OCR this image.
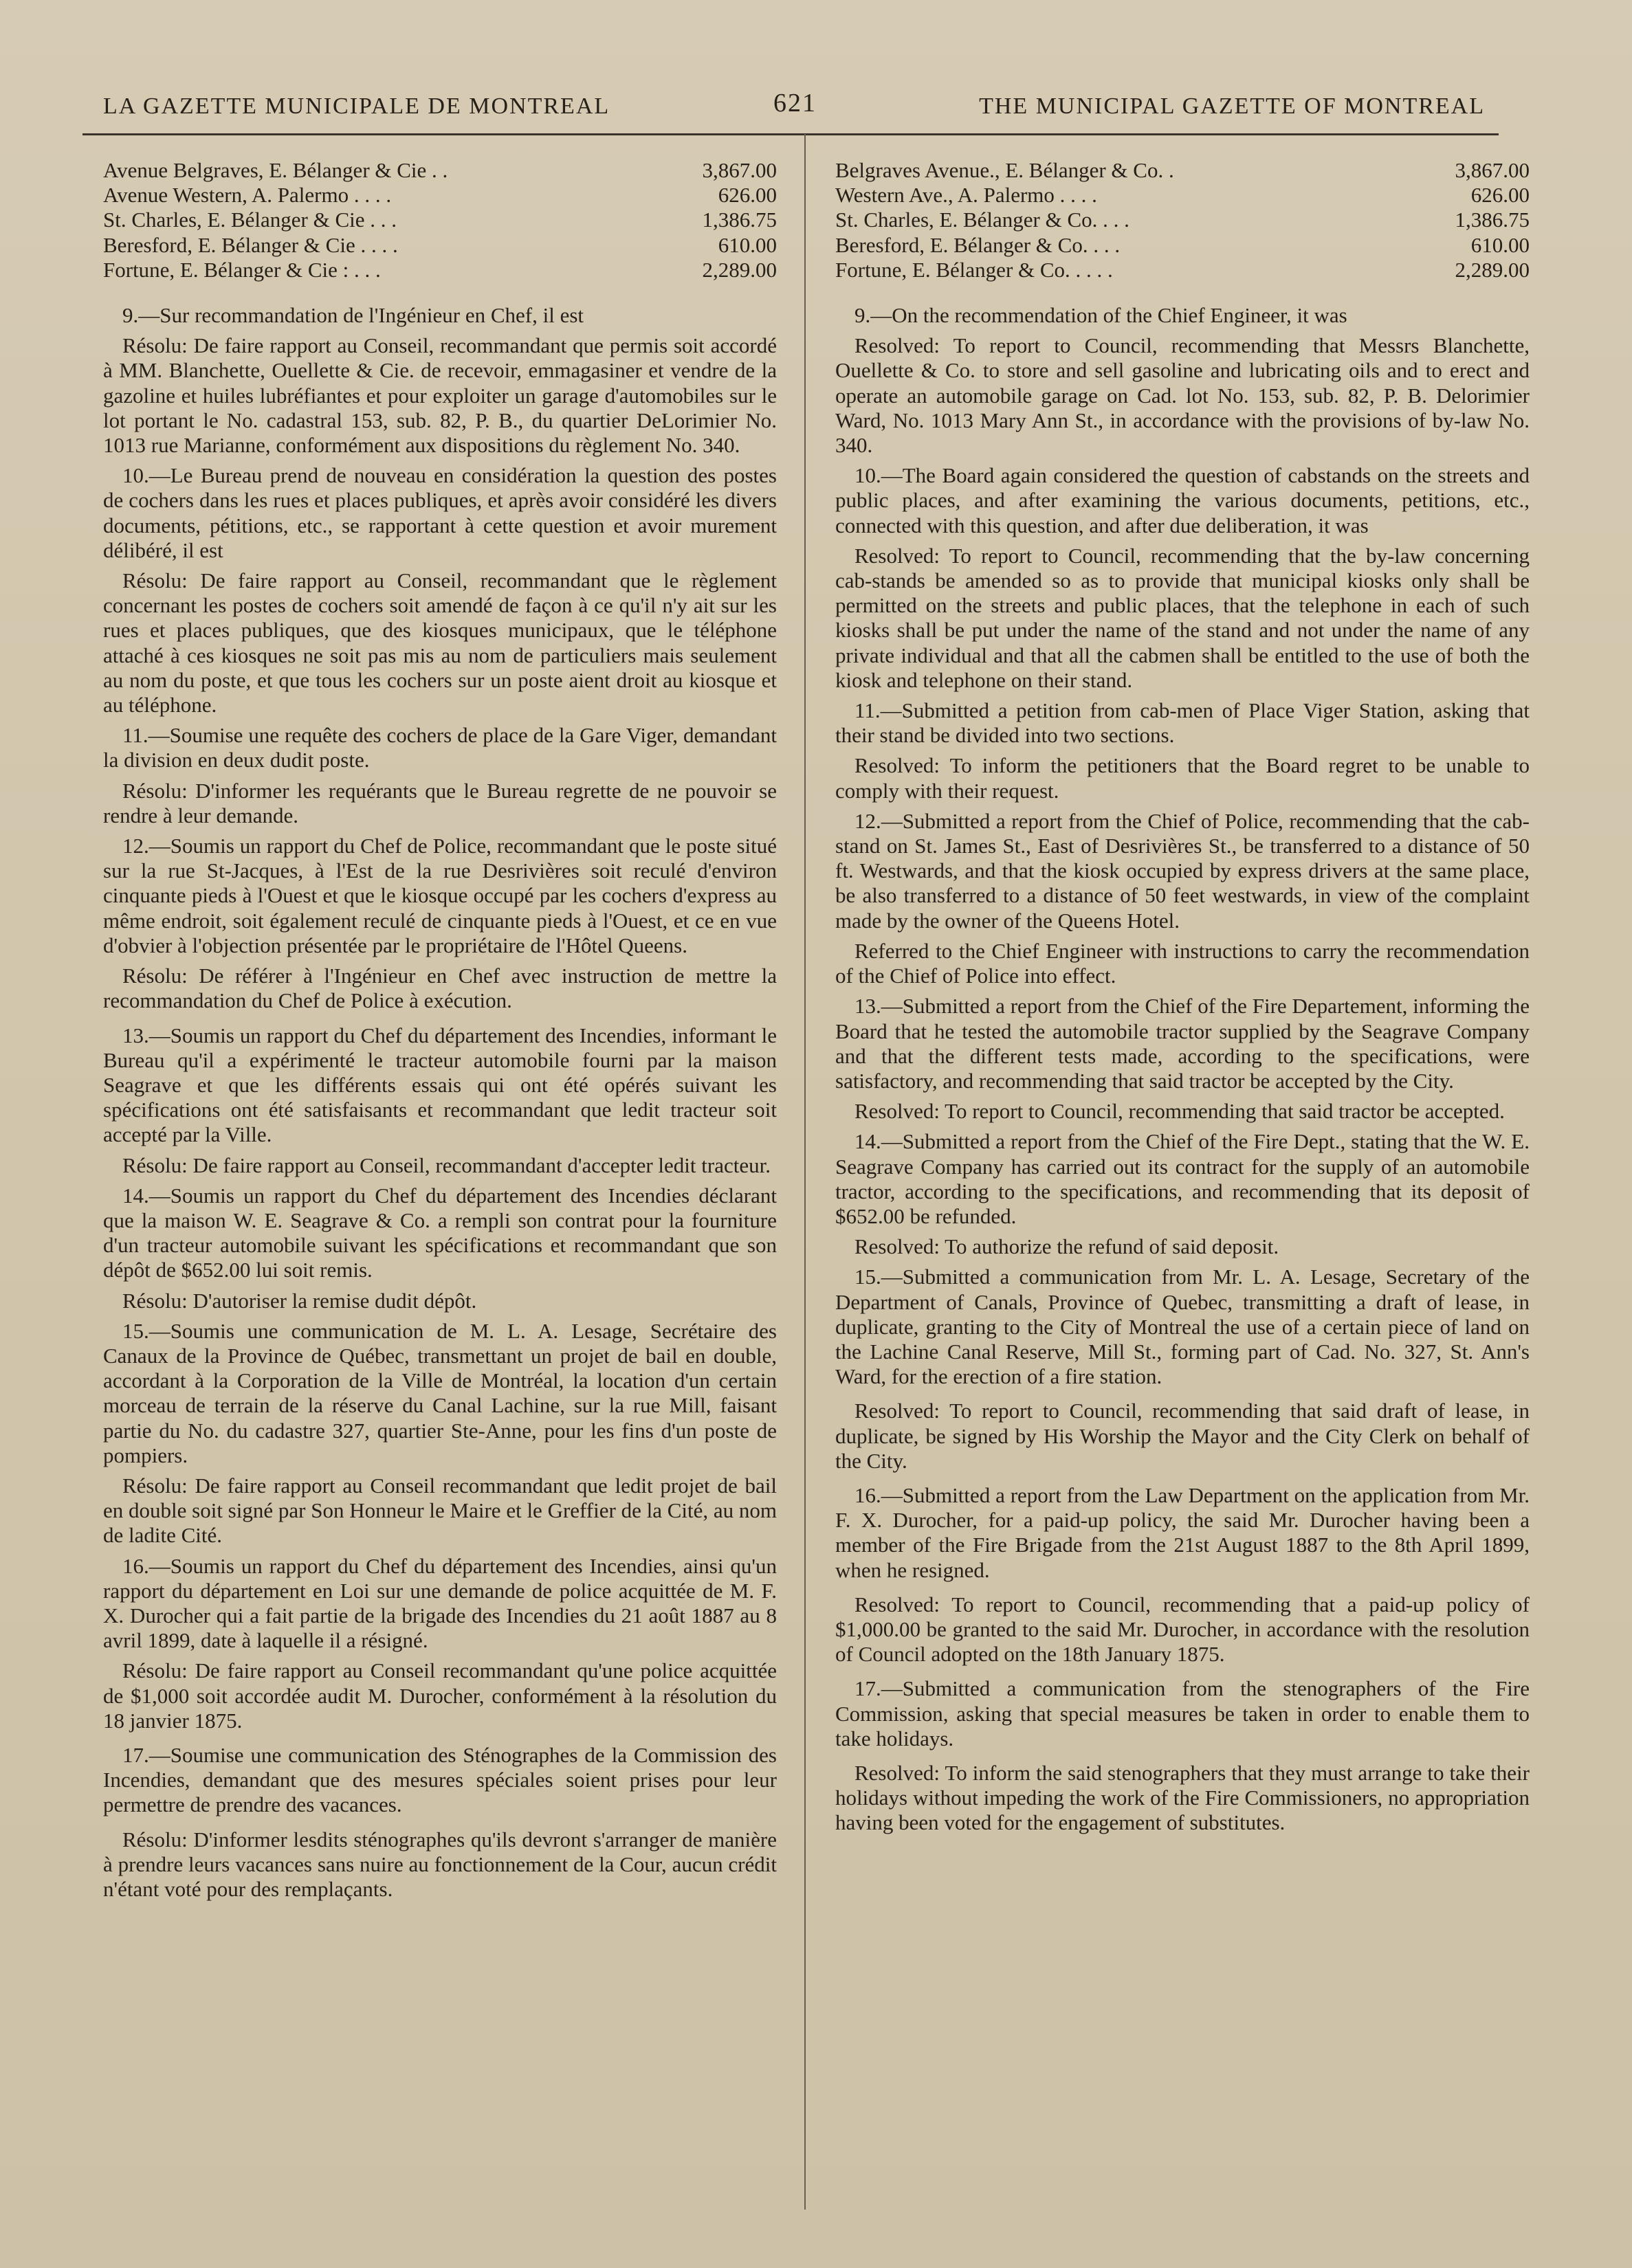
LA GAZETTE MUNICIPALE DE MONTREAL	621	THE MUNICIPAL GAZETTE OF MONTREAL
Avenue Belgraves, E. Bélanger & Cie . .	3,867.00
Avenue Western, A. Palermo . . . .	626.00
St. Charles, E. Bélanger & Cie . . .	1,386.75
Beresford, E. Bélanger & Cie . . . .	610.00
Fortune, E. Bélanger & Cie : . . .	2,289.00

9.—Sur recommandation de l'Ingénieur en Chef, il est

Résolu: De faire rapport au Conseil, recommandant que permis soit accordé à MM. Blanchette, Ouellette & Cie. de recevoir, emmagasiner et vendre de la gazoline et huiles lubréfiantes et pour exploiter un garage d'automobiles sur le lot portant le No. cadastral 153, sub. 82, P. B., du quartier DeLorimier No. 1013 rue Marianne, conformément aux dispositions du règlement No. 340.

10.—Le Bureau prend de nouveau en considération la question des postes de cochers dans les rues et places publiques, et après avoir considéré les divers documents, pétitions, etc., se rapportant à cette question et avoir murement délibéré, il est

Résolu: De faire rapport au Conseil, recommandant que le règlement concernant les postes de cochers soit amendé de façon à ce qu'il n'y ait sur les rues et places publiques, que des kiosques municipaux, que le téléphone attaché à ces kiosques ne soit pas mis au nom de particuliers mais seulement au nom du poste, et que tous les cochers sur un poste aient droit au kiosque et au téléphone.

11.—Soumise une requête des cochers de place de la Gare Viger, demandant la division en deux dudit poste.

Résolu: D'informer les requérants que le Bureau regrette de ne pouvoir se rendre à leur demande.

12.—Soumis un rapport du Chef de Police, recommandant que le poste situé sur la rue St-Jacques, à l'Est de la rue Desrivières soit reculé d'environ cinquante pieds à l'Ouest et que le kiosque occupé par les cochers d'express au même endroit, soit également reculé de cinquante pieds à l'Ouest, et ce en vue d'obvier à l'objection présentée par le propriétaire de l'Hôtel Queens.

Résolu: De référer à l'Ingénieur en Chef avec instruction de mettre la recommandation du Chef de Police à exécution.

13.—Soumis un rapport du Chef du département des Incendies, informant le Bureau qu'il a expérimenté le tracteur automobile fourni par la maison Seagrave et que les différents essais qui ont été opérés suivant les spécifications ont été satisfaisants et recommandant que ledit tracteur soit accepté par la Ville.

Résolu: De faire rapport au Conseil, recommandant d'accepter ledit tracteur.

14.—Soumis un rapport du Chef du département des Incendies déclarant que la maison W. E. Seagrave & Co. a rempli son contrat pour la fourniture d'un tracteur automobile suivant les spécifications et recommandant que son dépôt de $652.00 lui soit remis.

Résolu: D'autoriser la remise dudit dépôt.

15.—Soumis une communication de M. L. A. Lesage, Secrétaire des Canaux de la Province de Québec, transmettant un projet de bail en double, accordant à la Corporation de la Ville de Montréal, la location d'un certain morceau de terrain de la réserve du Canal Lachine, sur la rue Mill, faisant partie du No. du cadastre 327, quartier Ste-Anne, pour les fins d'un poste de pompiers.

Résolu: De faire rapport au Conseil recommandant que ledit projet de bail en double soit signé par Son Honneur le Maire et le Greffier de la Cité, au nom de ladite Cité.

16.—Soumis un rapport du Chef du département des Incendies, ainsi qu'un rapport du département en Loi sur une demande de police acquittée de M. F. X. Durocher qui a fait partie de la brigade des Incendies du 21 août 1887 au 8 avril 1899, date à laquelle il a résigné.

Résolu: De faire rapport au Conseil recommandant qu'une police acquittée de $1,000 soit accordée audit M. Durocher, conformément à la résolution du 18 janvier 1875.

17.—Soumise une communication des Sténographes de la Commission des Incendies, demandant que des mesures spéciales soient prises pour leur permettre de prendre des vacances.

Résolu: D'informer lesdits sténographes qu'ils devront s'arranger de manière à prendre leurs vacances sans nuire au fonctionnement de la Cour, aucun crédit n'étant voté pour des remplaçants.

Belgraves Avenue., E. Bélanger & Co. .	3,867.00
Western Ave., A. Palermo . . . .	626.00
St. Charles, E. Bélanger & Co. . . .	1,386.75
Beresford, E. Bélanger & Co. . . .	610.00
Fortune, E. Bélanger & Co. . . . .	2,289.00

9.—On the recommendation of the Chief Engineer, it was

Resolved: To report to Council, recommending that Messrs Blanchette, Ouellette & Co. to store and sell gasoline and lubricating oils and to erect and operate an automobile garage on Cad. lot No. 153, sub. 82, P. B. Delorimier Ward, No. 1013 Mary Ann St., in accordance with the provisions of by-law No. 340.

10.—The Board again considered the question of cabstands on the streets and public places, and after examining the various documents, petitions, etc., connected with this question, and after due deliberation, it was

Resolved: To report to Council, recommending that the by-law concerning cab-stands be amended so as to provide that municipal kiosks only shall be permitted on the streets and public places, that the telephone in each of such kiosks shall be put under the name of the stand and not under the name of any private individual and that all the cabmen shall be entitled to the use of both the kiosk and telephone on their stand.

11.—Submitted a petition from cab-men of Place Viger Station, asking that their stand be divided into two sections.

Resolved: To inform the petitioners that the Board regret to be unable to comply with their request.

12.—Submitted a report from the Chief of Police, recommending that the cab-stand on St. James St., East of Desrivières St., be transferred to a distance of 50 ft. Westwards, and that the kiosk occupied by express drivers at the same place, be also transferred to a distance of 50 feet westwards, in view of the complaint made by the owner of the Queens Hotel.

Referred to the Chief Engineer with instructions to carry the recommendation of the Chief of Police into effect.

13.—Submitted a report from the Chief of the Fire Departement, informing the Board that he tested the automobile tractor supplied by the Seagrave Company and that the different tests made, according to the specifications, were satisfactory, and recommending that said tractor be accepted by the City.

Resolved: To report to Council, recommending that said tractor be accepted.

14.—Submitted a report from the Chief of the Fire Dept., stating that the W. E. Seagrave Company has carried out its contract for the supply of an automobile tractor, according to the specifications, and recommending that its deposit of $652.00 be refunded.

Resolved: To authorize the refund of said deposit.

15.—Submitted a communication from Mr. L. A. Lesage, Secretary of the Department of Canals, Province of Quebec, transmitting a draft of lease, in duplicate, granting to the City of Montreal the use of a certain piece of land on the Lachine Canal Reserve, Mill St., forming part of Cad. No. 327, St. Ann's Ward, for the erection of a fire station.

Resolved: To report to Council, recommending that said draft of lease, in duplicate, be signed by His Worship the Mayor and the City Clerk on behalf of the City.

16.—Submitted a report from the Law Department on the application from Mr. F. X. Durocher, for a paid-up policy, the said Mr. Durocher having been a member of the Fire Brigade from the 21st August 1887 to the 8th April 1899, when he resigned.

Resolved: To report to Council, recommending that a paid-up policy of $1,000.00 be granted to the said Mr. Durocher, in accordance with the resolution of Council adopted on the 18th January 1875.

17.—Submitted a communication from the stenographers of the Fire Commission, asking that special measures be taken in order to enable them to take holidays.

Resolved: To inform the said stenographers that they must arrange to take their holidays without impeding the work of the Fire Commissioners, no appropriation having been voted for the engagement of substitutes.
